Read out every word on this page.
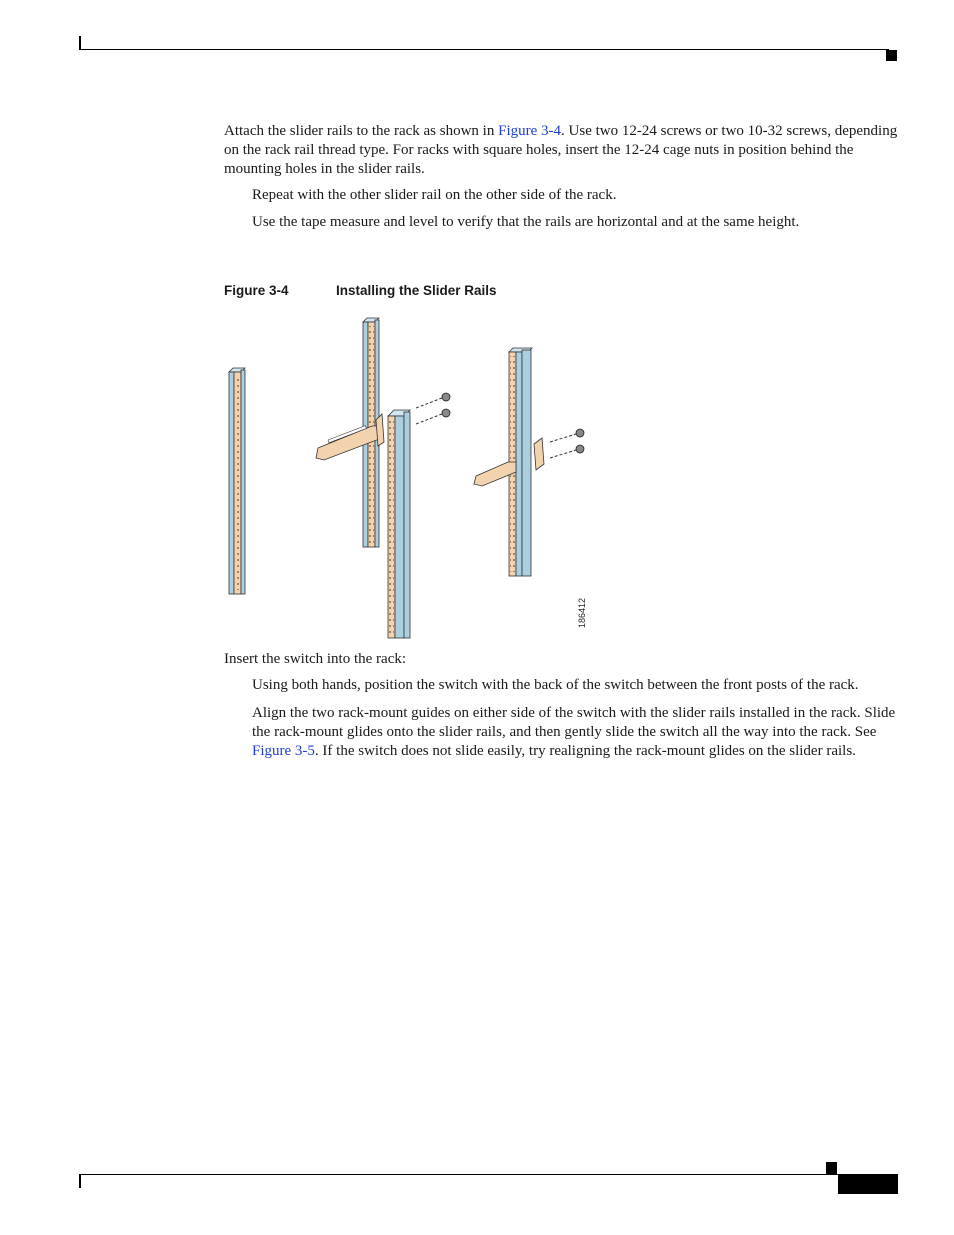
Attach the slider rails to the rack as shown in Figure 3-4. Use two 12-24 screws or two 10-32 screws, depending on the rack rail thread type. For racks with square holes, insert the 12-24 cage nuts in position behind the mounting holes in the slider rails.

Repeat with the other slider rail on the other side of the rack.

Use the tape measure and level to verify that the rails are horizontal and at the same height.

Figure 3-4	Installing the Slider Rails
186412

Insert the switch into the rack:

Using both hands, position the switch with the back of the switch between the front posts of the rack.

Align the two rack-mount guides on either side of the switch with the slider rails installed in the rack. Slide the rack-mount glides onto the slider rails, and then gently slide the switch all the way into the rack. See Figure 3-5. If the switch does not slide easily, try realigning the rack-mount glides on the slider rails.
